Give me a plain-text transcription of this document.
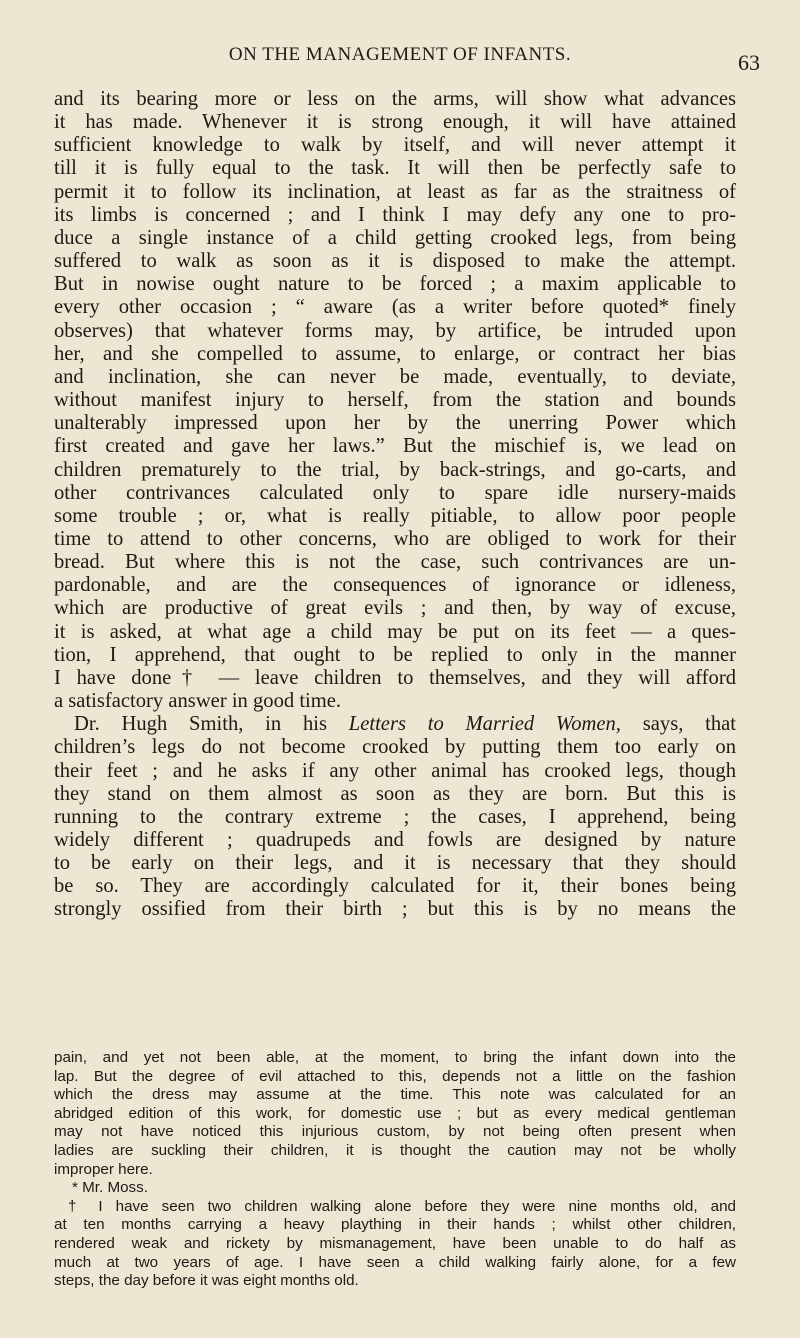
ON THE MANAGEMENT OF INFANTS.	63
and its bearing more or less on the arms, will show what advances
it has made. Whenever it is strong enough, it will have attained
sufficient knowledge to walk by itself, and will never attempt it
till it is fully equal to the task. It will then be perfectly safe to
permit it to follow its inclination, at least as far as the straitness of
its limbs is concerned ; and I think I may defy any one to pro-
duce a single instance of a child getting crooked legs, from being
suffered to walk as soon as it is disposed to make the attempt.
But in nowise ought nature to be forced ; a maxim applicable to
every other occasion ; “ aware (as a writer before quoted* finely
observes) that whatever forms may, by artifice, be intruded upon
her, and she compelled to assume, to enlarge, or contract her bias
and inclination, she can never be made, eventually, to deviate,
without manifest injury to herself, from the station and bounds
unalterably impressed upon her by the unerring Power which
first created and gave her laws.” But the mischief is, we lead on
children prematurely to the trial, by back-strings, and go-carts, and
other contrivances calculated only to spare idle nursery-maids
some trouble ; or, what is really pitiable, to allow poor people
time to attend to other concerns, who are obliged to work for their
bread. But where this is not the case, such contrivances are un-
pardonable, and are the consequences of ignorance or idleness,
which are productive of great evils ; and then, by way of excuse,
it is asked, at what age a child may be put on its feet — a ques-
tion, I apprehend, that ought to be replied to only in the manner
I have done† — leave children to themselves, and they will afford
a satisfactory answer in good time.
Dr. Hugh Smith, in his Letters to Married Women, says, that
children’s legs do not become crooked by putting them too early on
their feet ; and he asks if any other animal has crooked legs, though
they stand on them almost as soon as they are born. But this is
running to the contrary extreme ; the cases, I apprehend, being
widely different ; quadrupeds and fowls are designed by nature
to be early on their legs, and it is necessary that they should
be so. They are accordingly calculated for it, their bones being
strongly ossified from their birth ; but this is by no means the
pain, and yet not been able, at the moment, to bring the infant down into the
lap. But the degree of evil attached to this, depends not a little on the fashion
which the dress may assume at the time. This note was calculated for an
abridged edition of this work, for domestic use ; but as every medical gentleman
may not have noticed this injurious custom, by not being often present when
ladies are suckling their children, it is thought the caution may not be wholly
improper here.
* Mr. Moss.
† I have seen two children walking alone before they were nine months old, and
at ten months carrying a heavy plaything in their hands ; whilst other children,
rendered weak and rickety by mismanagement, have been unable to do half as
much at two years of age. I have seen a child walking fairly alone, for a few
steps, the day before it was eight months old.
